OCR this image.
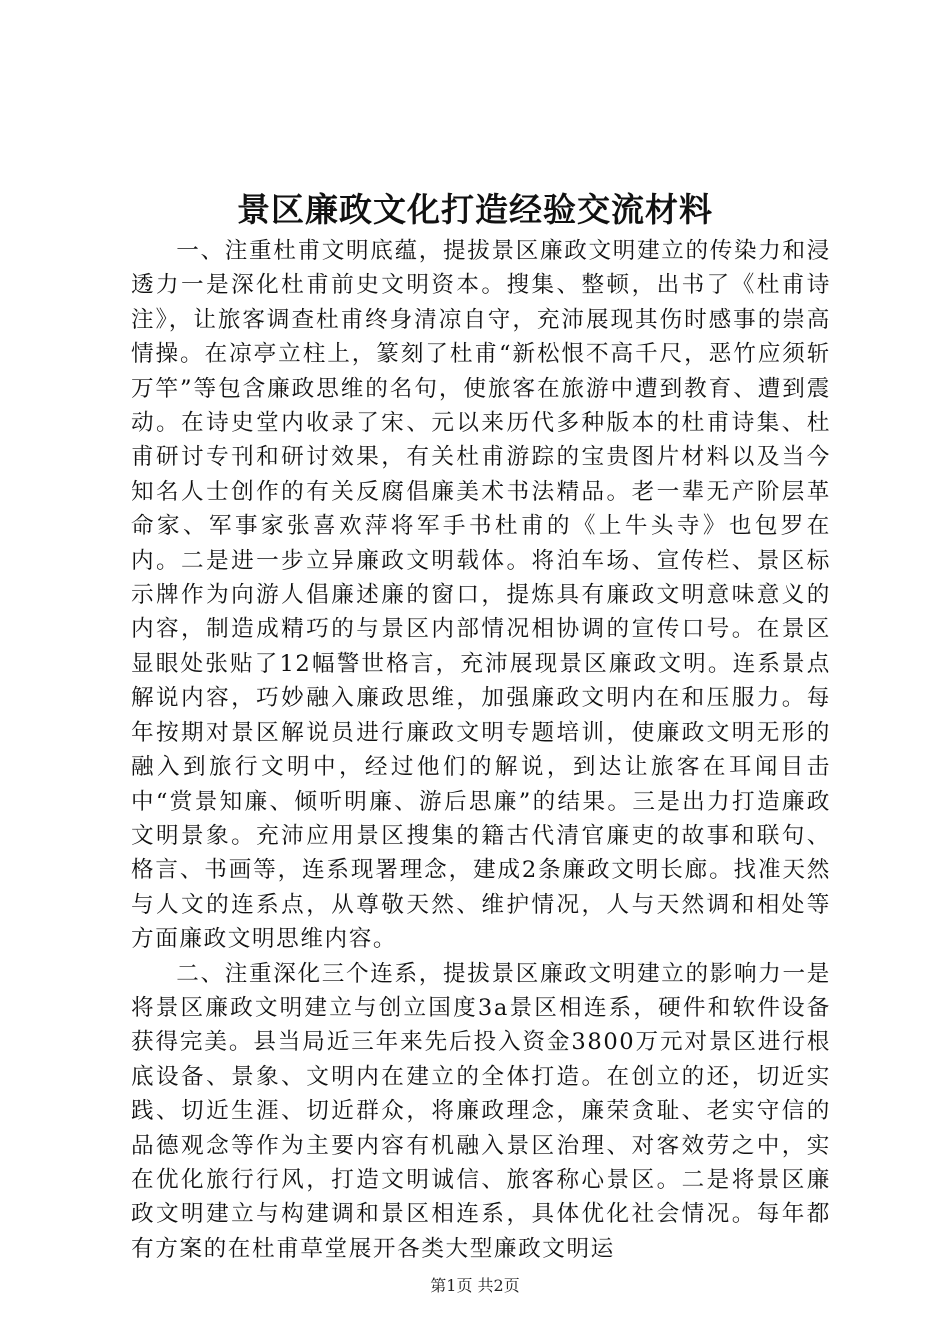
景区廉政文化打造经验交流材料

一、注重杜甫文明底蕴，提拔景区廉政文明建立的传染力和浸透力一是深化杜甫前史文明资本。搜集、整顿，出书了《杜甫诗注》，让旅客调查杜甫终身清凉自守，充沛展现其伤时感事的崇高情操。在凉亭立柱上，篆刻了杜甫“新松恨不高千尺，恶竹应须斩万竿”等包含廉政思维的名句，使旅客在旅游中遭到教育、遭到震动。在诗史堂内收录了宋、元以来历代多种版本的杜甫诗集、杜甫研讨专刊和研讨效果，有关杜甫游踪的宝贵图片材料以及当今知名人士创作的有关反腐倡廉美术书法精品。老一辈无产阶层革命家、军事家张喜欢萍将军手书杜甫的《上牛头寺》也包罗在内。二是进一步立异廉政文明载体。将泊车场、宣传栏、景区标示牌作为向游人倡廉述廉的窗口，提炼具有廉政文明意味意义的内容，制造成精巧的与景区内部情况相协调的宣传口号。在景区显眼处张贴了12幅警世格言，充沛展现景区廉政文明。连系景点解说内容，巧妙融入廉政思维，加强廉政文明内在和压服力。每年按期对景区解说员进行廉政文明专题培训，使廉政文明无形的融入到旅行文明中，经过他们的解说，到达让旅客在耳闻目击中“赏景知廉、倾听明廉、游后思廉”的结果。三是出力打造廉政文明景象。充沛应用景区搜集的籍古代清官廉吏的故事和联句、格言、书画等，连系现署理念，建成2条廉政文明长廊。找准天然与人文的连系点，从尊敬天然、维护情况，人与天然调和相处等方面廉政文明思维内容。

二、注重深化三个连系，提拔景区廉政文明建立的影响力一是将景区廉政文明建立与创立国度3a景区相连系，硬件和软件设备获得完美。县当局近三年来先后投入资金3800万元对景区进行根底设备、景象、文明内在建立的全体打造。在创立的还，切近实践、切近生涯、切近群众，将廉政理念，廉荣贪耻、老实守信的品德观念等作为主要内容有机融入景区治理、对客效劳之中，实在优化旅行行风，打造文明诚信、旅客称心景区。二是将景区廉政文明建立与构建调和景区相连系，具体优化社会情况。每年都有方案的在杜甫草堂展开各类大型廉政文明运

第1页 共2页
